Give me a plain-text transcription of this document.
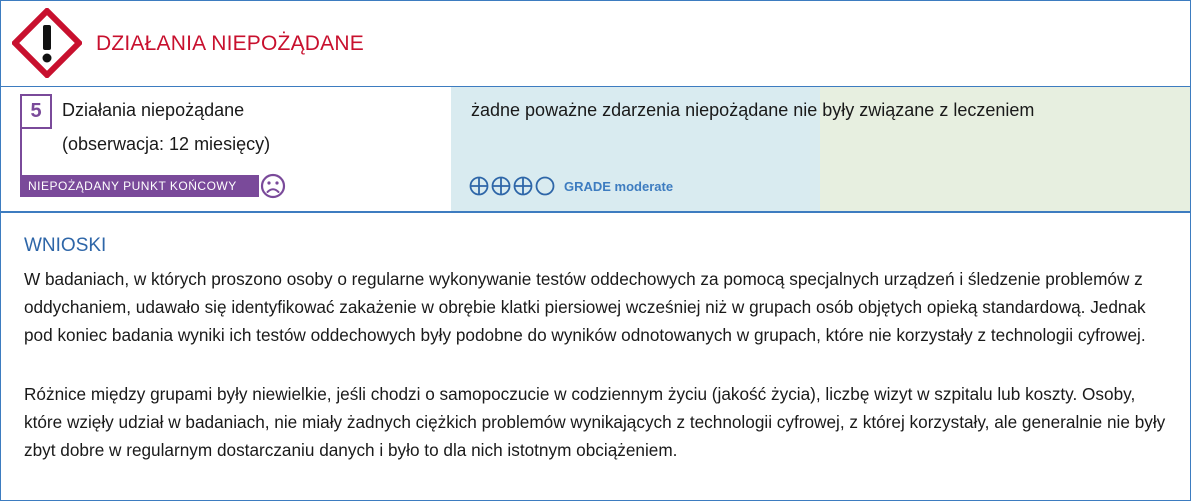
DZIAŁANIA NIEPOŻĄDANE
5	Działania niepożądane
(obserwacja: 12 miesięcy)
NIEPOŻĄDANY PUNKT KOŃCOWY
żadne poważne zdarzenia niepożądane nie były związane z leczeniem
GRADE moderate
WNIOSKI

W badaniach, w których proszono osoby o regularne wykonywanie testów oddechowych za pomocą specjalnych urządzeń i śledzenie problemów z oddychaniem, udawało się identyfikować zakażenie w obrębie klatki piersiowej wcześniej niż w grupach osób objętych opieką standardową. Jednak pod koniec badania wyniki ich testów oddechowych były podobne do wyników odnotowanych w grupach, które nie korzystały z technologii cyfrowej.

Różnice między grupami były niewielkie, jeśli chodzi o samopoczucie w codziennym życiu (jakość życia), liczbę wizyt w szpitalu lub koszty. Osoby, które wzięły udział w badaniach, nie miały żadnych ciężkich problemów wynikających z technologii cyfrowej, z której korzystały, ale generalnie nie były zbyt dobre w regularnym dostarczaniu danych i było to dla nich istotnym obciążeniem.
